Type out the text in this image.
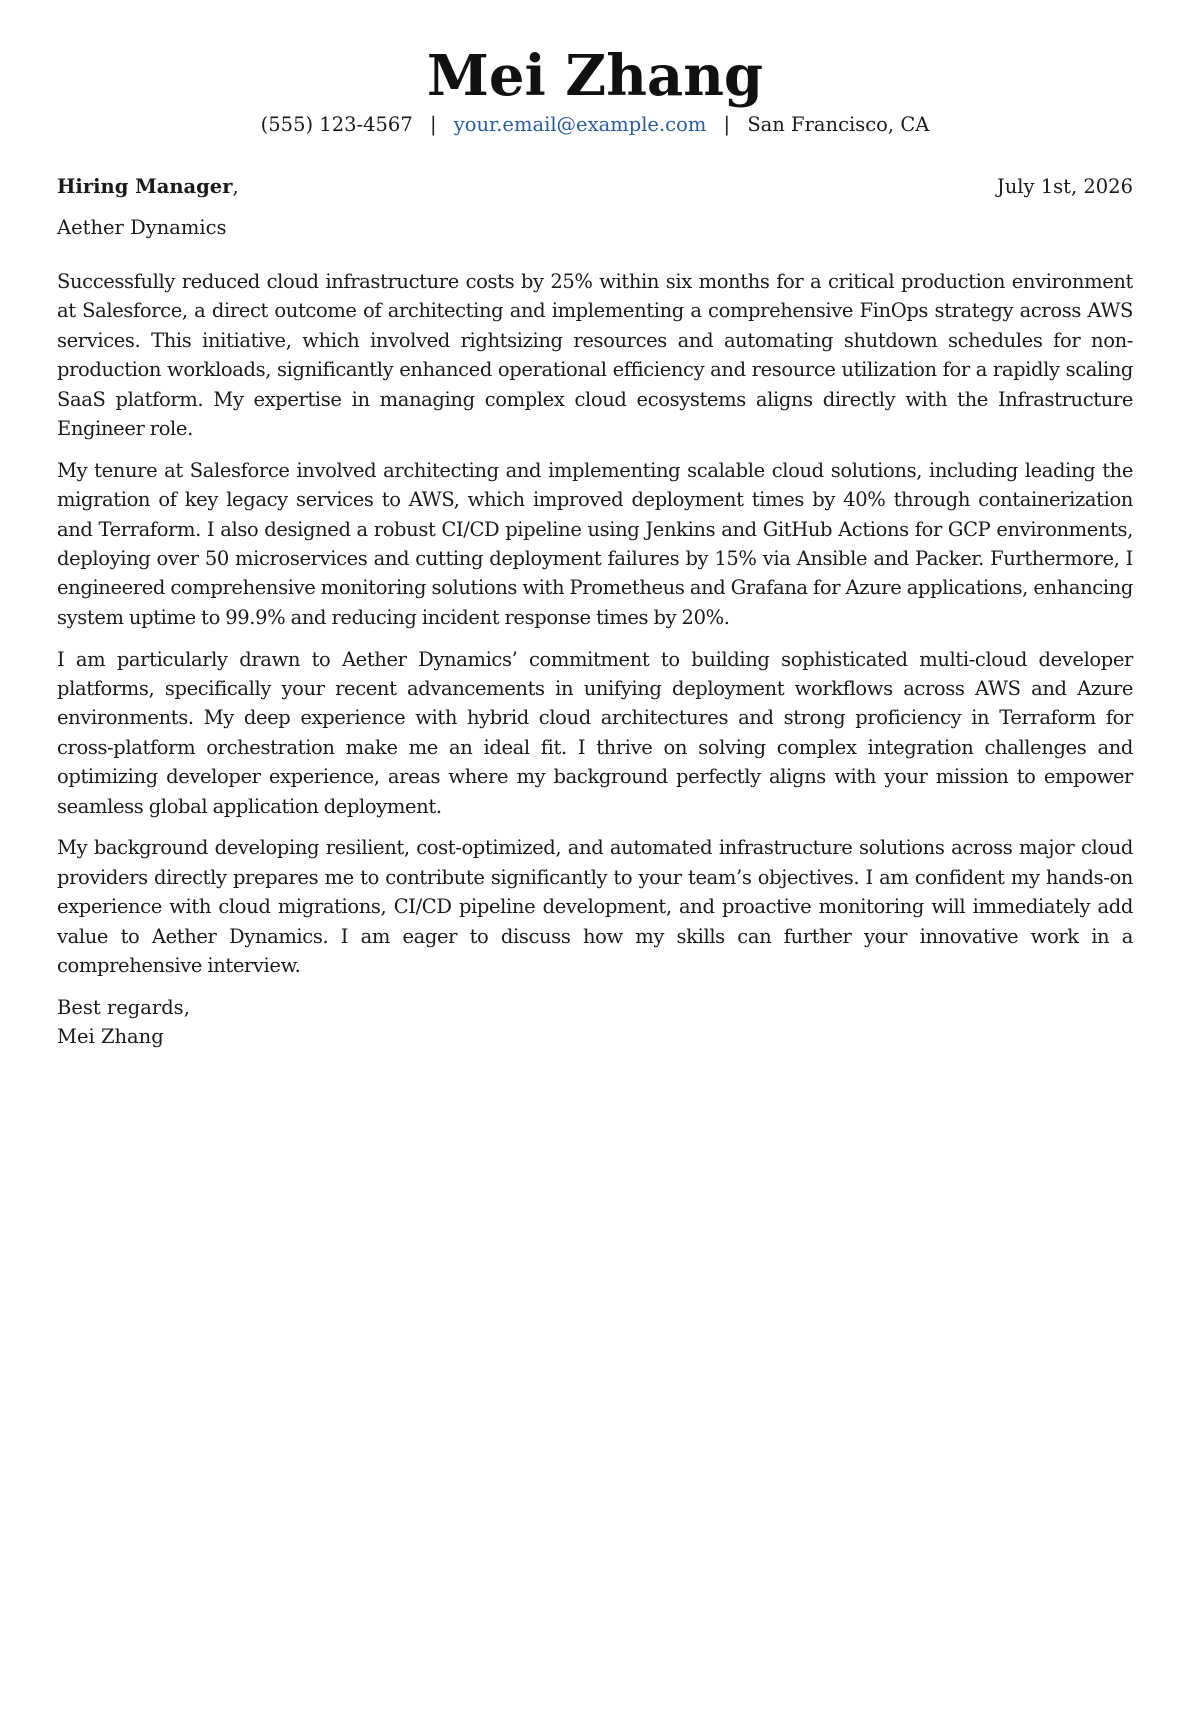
Mei Zhang
(555) 123-4567 | your.email@example.com | San Francisco, CA
Hiring Manager,	July 1st, 2026
Aether Dynamics

Successfully reduced cloud infrastructure costs by 25% within six months for a critical production environment at Salesforce, a direct outcome of architecting and implementing a comprehensive FinOps strategy across AWS services. This initiative, which involved rightsizing resources and automating shutdown schedules for non-production workloads, significantly enhanced operational efficiency and resource utilization for a rapidly scaling SaaS platform. My expertise in managing complex cloud ecosystems aligns directly with the Infrastructure Engineer role.

My tenure at Salesforce involved architecting and implementing scalable cloud solutions, including leading the migration of key legacy services to AWS, which improved deployment times by 40% through containerization and Terraform. I also designed a robust CI/CD pipeline using Jenkins and GitHub Actions for GCP environments, deploying over 50 microservices and cutting deployment failures by 15% via Ansible and Packer. Furthermore, I engineered comprehensive monitoring solutions with Prometheus and Grafana for Azure applications, enhancing system uptime to 99.9% and reducing incident response times by 20%.

I am particularly drawn to Aether Dynamics’ commitment to building sophisticated multi-cloud developer platforms, specifically your recent advancements in unifying deployment workflows across AWS and Azure environments. My deep experience with hybrid cloud architectures and strong proficiency in Terraform for cross-platform orchestration make me an ideal fit. I thrive on solving complex integration challenges and optimizing developer experience, areas where my background perfectly aligns with your mission to empower seamless global application deployment.

My background developing resilient, cost-optimized, and automated infrastructure solutions across major cloud providers directly prepares me to contribute significantly to your team’s objectives. I am confident my hands-on experience with cloud migrations, CI/CD pipeline development, and proactive monitoring will immediately add value to Aether Dynamics. I am eager to discuss how my skills can further your innovative work in a comprehensive interview.

Best regards,
Mei Zhang
